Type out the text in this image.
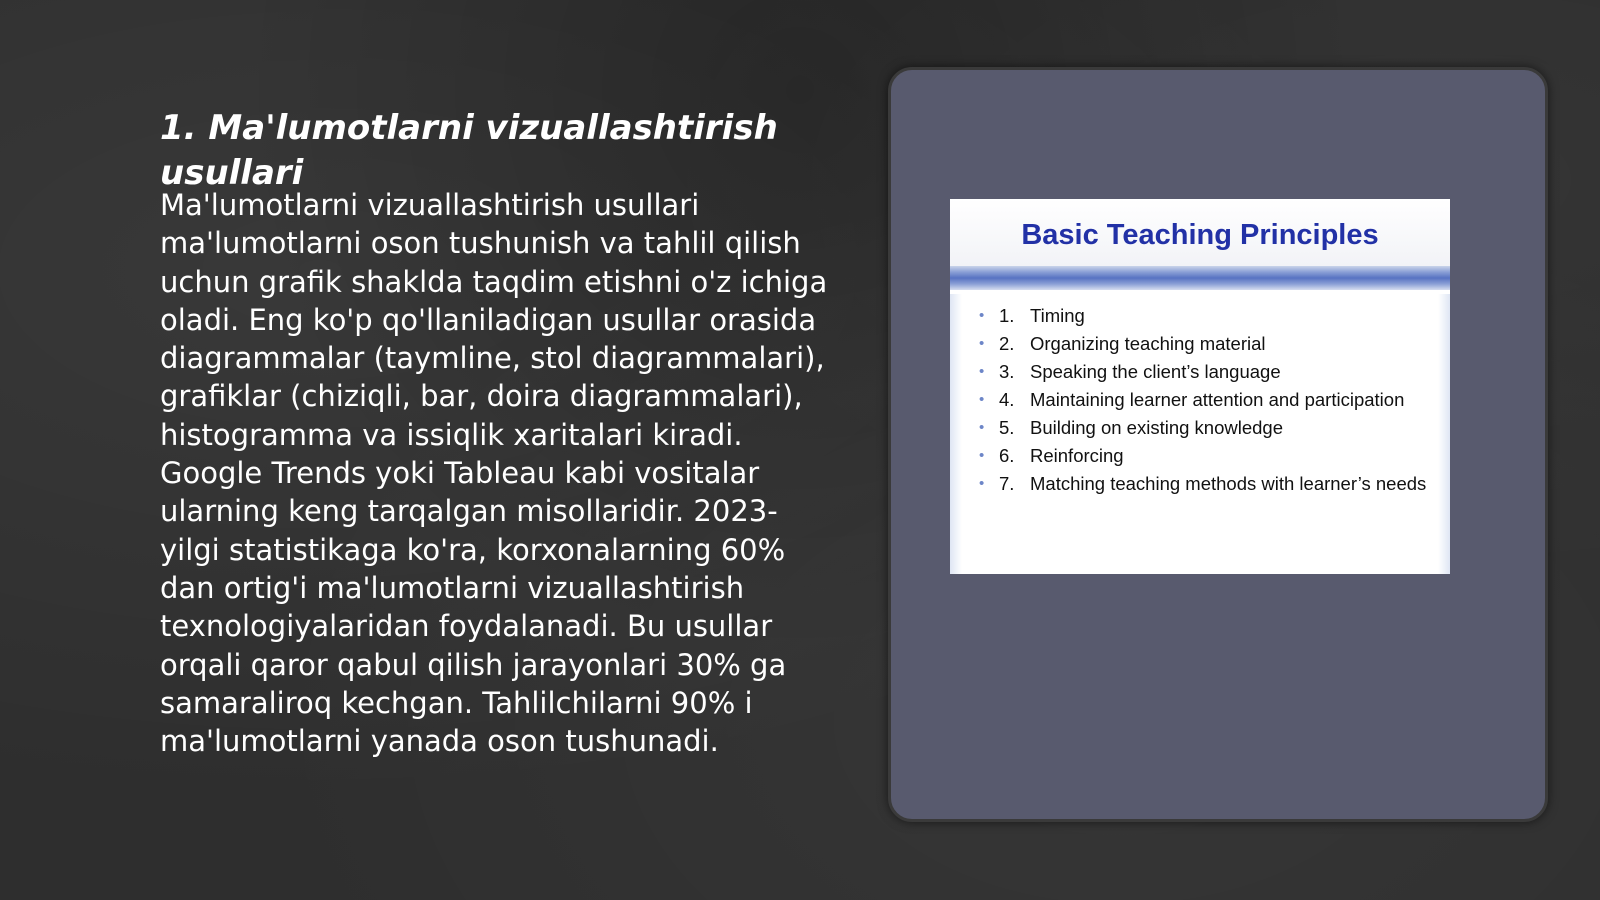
1. Ma'lumotlarni vizuallashtirish usullari

Ma'lumotlarni vizuallashtirish usullari ma'lumotlarni oson tushunish va tahlil qilish uchun grafik shaklda taqdim etishni o'z ichiga oladi. Eng ko'p qo'llaniladigan usullar orasida diagrammalar (taymline, stol diagrammalari), grafiklar (chiziqli, bar, doira diagrammalari), histogramma va issiqlik xaritalari kiradi. Google Trends yoki Tableau kabi vositalar ularning keng tarqalgan misollaridir. 2023-yilgi statistikaga ko'ra, korxonalarning 60% dan ortig'i ma'lumotlarni vizuallashtirish texnologiyalaridan foydalanadi. Bu usullar orqali qaror qabul qilish jarayonlari 30% ga samaraliroq kechgan. Tahlilchilarni 90% i ma'lumotlarni yanada oson tushunadi.

Basic Teaching Principles
• 1. Timing
• 2. Organizing teaching material
• 3. Speaking the client’s language
• 4. Maintaining learner attention and participation
• 5. Building on existing knowledge
• 6. Reinforcing
• 7. Matching teaching methods with learner’s needs
